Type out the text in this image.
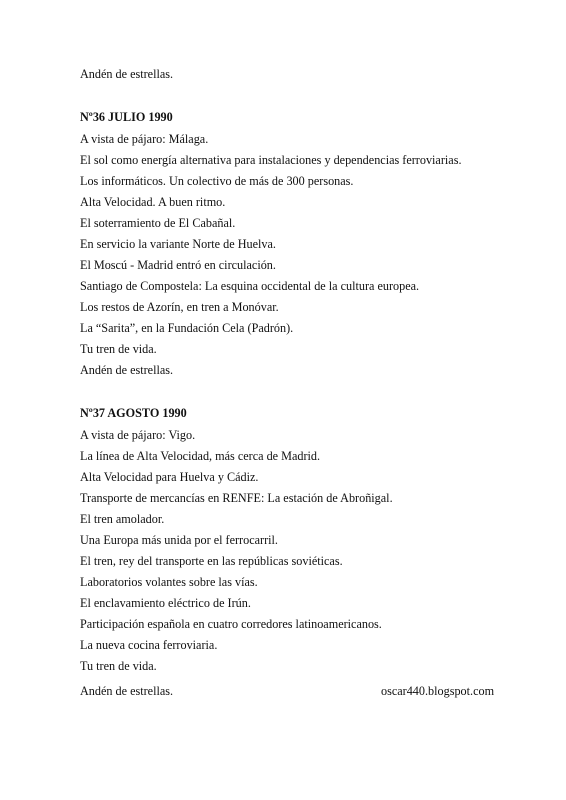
Andén de estrellas.
Nº36 JULIO 1990
A vista de pájaro: Málaga.
El sol como energía alternativa para instalaciones y dependencias ferroviarias.
Los informáticos. Un colectivo de más de 300 personas.
Alta Velocidad. A buen ritmo.
El soterramiento de El Cabañal.
En servicio la variante Norte de Huelva.
El Moscú - Madrid entró en circulación.
Santiago de Compostela: La esquina occidental de la cultura europea.
Los restos de Azorín, en tren a Monóvar.
La “Sarita”, en la Fundación Cela (Padrón).
Tu tren de vida.
Andén de estrellas.
Nº37 AGOSTO 1990
A vista de pájaro: Vigo.
La línea de Alta Velocidad, más cerca de Madrid.
Alta Velocidad para Huelva y Cádiz.
Transporte de mercancías en RENFE: La estación de Abroñigal.
El tren amolador.
Una Europa más unida por el ferrocarril.
El tren, rey del transporte en las repúblicas soviéticas.
Laboratorios volantes sobre las vías.
El enclavamiento eléctrico de Irún.
Participación española en cuatro corredores latinoamericanos.
La nueva cocina ferroviaria.
Tu tren de vida.
Andén de estrellas.	oscar440.blogspot.com
